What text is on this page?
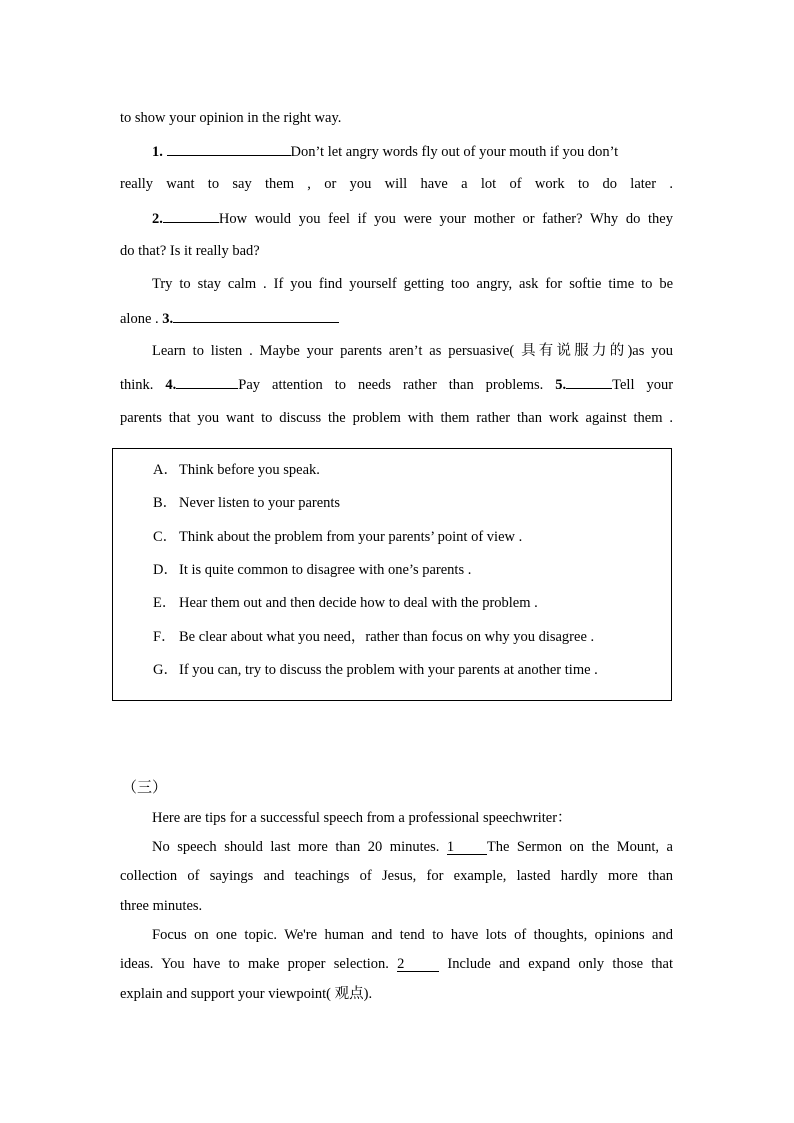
to show your opinion in the right way.
1.	Don’t let angry words fly out of your mouth if you don’t
really want to say them , or you will have a lot of work to do later .
2.	How would you feel if you were your mother or father? Why do they
do that? Is it really bad?
Try to stay calm . If you find yourself getting too angry, ask for softie time to be
alone . 3.
Learn to listen . Maybe your parents aren’t as persuasive( 具有说服力的)as you
think. 4.	Pay attention to needs rather than problems. 5.	Tell your
parents that you want to discuss the problem with them rather than work against them .
A．Think before you speak.
B． Never listen to your parents
C． Think about the problem from your parents’ point of view .
D．It is quite common to disagree with one’s parents .
E． Hear them out and then decide how to deal with the problem .
F． Be clear about what you need，rather than focus on why you disagree .
G．If you can, try to discuss the problem with your parents at another time .
（三）
Here are tips for a successful speech from a professional speechwriter：
No speech should last more than 20 minutes. 1 The Sermon on the Mount, a
collection of sayings and teachings of Jesus, for example, lasted hardly more than
three minutes.
Focus on one topic. We're human and tend to have lots of thoughts, opinions and
ideas. You have to make proper selection. 2	Include and expand only those that
explain and support your viewpoint( 观点).
